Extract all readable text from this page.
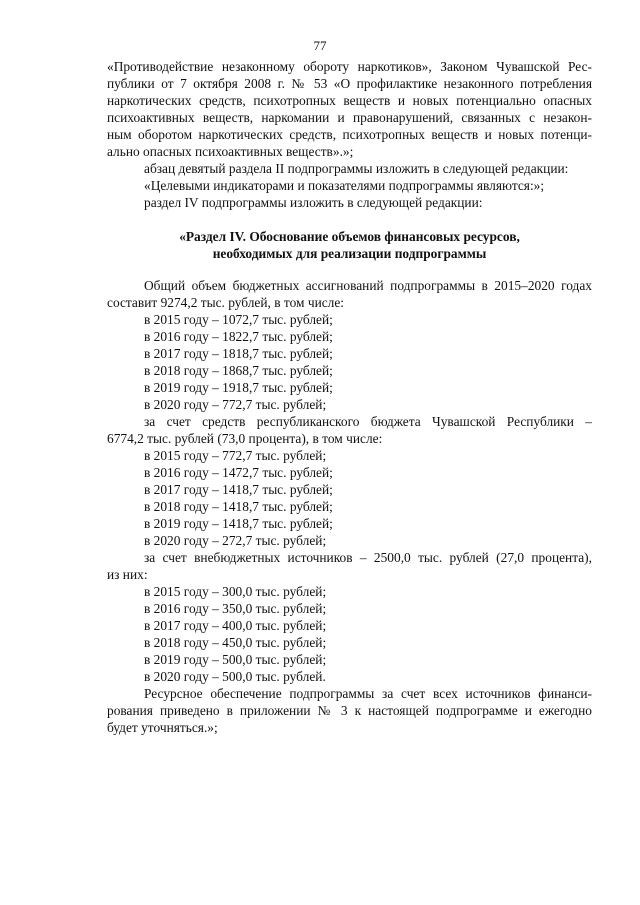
77

«Противодействие незаконному обороту наркотиков», Законом Чувашской Рес-

публики от 7 октября 2008 г. № 53 «О профилактике незаконного потребления

наркотических средств, психотропных веществ и новых потенциально опасных

психоактивных веществ, наркомании и правонарушений, связанных с незакон-

ным оборотом наркотических средств, психотропных веществ и новых потенци-

ально опасных психоактивных веществ».»;

абзац девятый раздела II подпрограммы изложить в следующей редакции:

«Целевыми индикаторами и показателями подпрограммы являются:»;

раздел IV подпрограммы изложить в следующей редакции:

«Раздел IV. Обоснование объемов финансовых ресурсов,

необходимых для реализации подпрограммы

Общий объем бюджетных ассигнований подпрограммы в 2015–2020 годах

составит 9274,2 тыс. рублей, в том числе:

в 2015 году – 1072,7 тыс. рублей;

в 2016 году – 1822,7 тыс. рублей;

в 2017 году – 1818,7 тыс. рублей;

в 2018 году – 1868,7 тыс. рублей;

в 2019 году – 1918,7 тыс. рублей;

в 2020 году – 772,7 тыс. рублей;

за счет средств республиканского бюджета Чувашской Республики –

6774,2 тыс. рублей (73,0 процента), в том числе:

в 2015 году – 772,7 тыс. рублей;

в 2016 году – 1472,7 тыс. рублей;

в 2017 году – 1418,7 тыс. рублей;

в 2018 году – 1418,7 тыс. рублей;

в 2019 году – 1418,7 тыс. рублей;

в 2020 году – 272,7 тыс. рублей;

за счет внебюджетных источников – 2500,0 тыс. рублей (27,0 процента),

из них:

в 2015 году – 300,0 тыс. рублей;

в 2016 году – 350,0 тыс. рублей;

в 2017 году – 400,0 тыс. рублей;

в 2018 году – 450,0 тыс. рублей;

в 2019 году – 500,0 тыс. рублей;

в 2020 году – 500,0 тыс. рублей.

Ресурсное обеспечение подпрограммы за счет всех источников финанси-

рования приведено в приложении № 3 к настоящей подпрограмме и ежегодно

будет уточняться.»;
